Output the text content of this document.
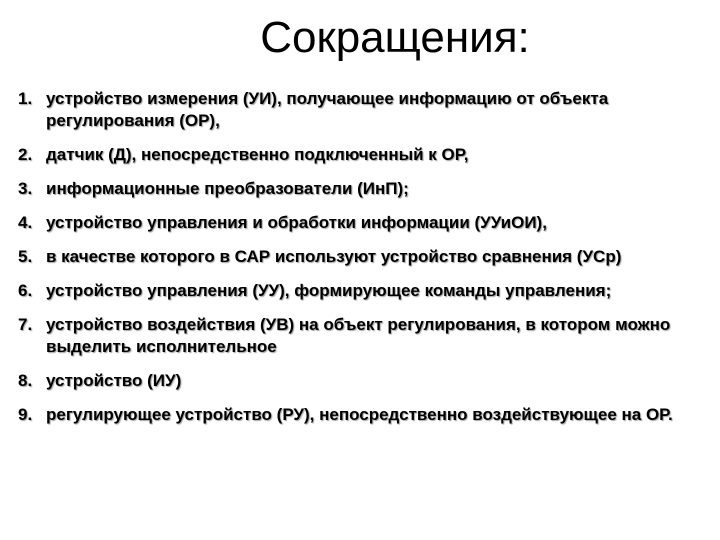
Сокращения:
1. устройство измерения (УИ), получающее информацию от объекта регулирования (ОР),
2. датчик (Д), непосредственно подключенный к ОР,
3. информационные преобразователи (ИнП);
4. устройство управления и обработки информации (УУиОИ),
5. в качестве которого в САР используют устройство сравнения (УСр)
6. устройство управления (УУ), формирующее команды управления;
7. устройство воздействия (УВ) на объект регулирования, в котором можно выделить исполнительное
8. устройство (ИУ)
9. регулирующее устройство (РУ), непосредственно воздействующее на ОР.
